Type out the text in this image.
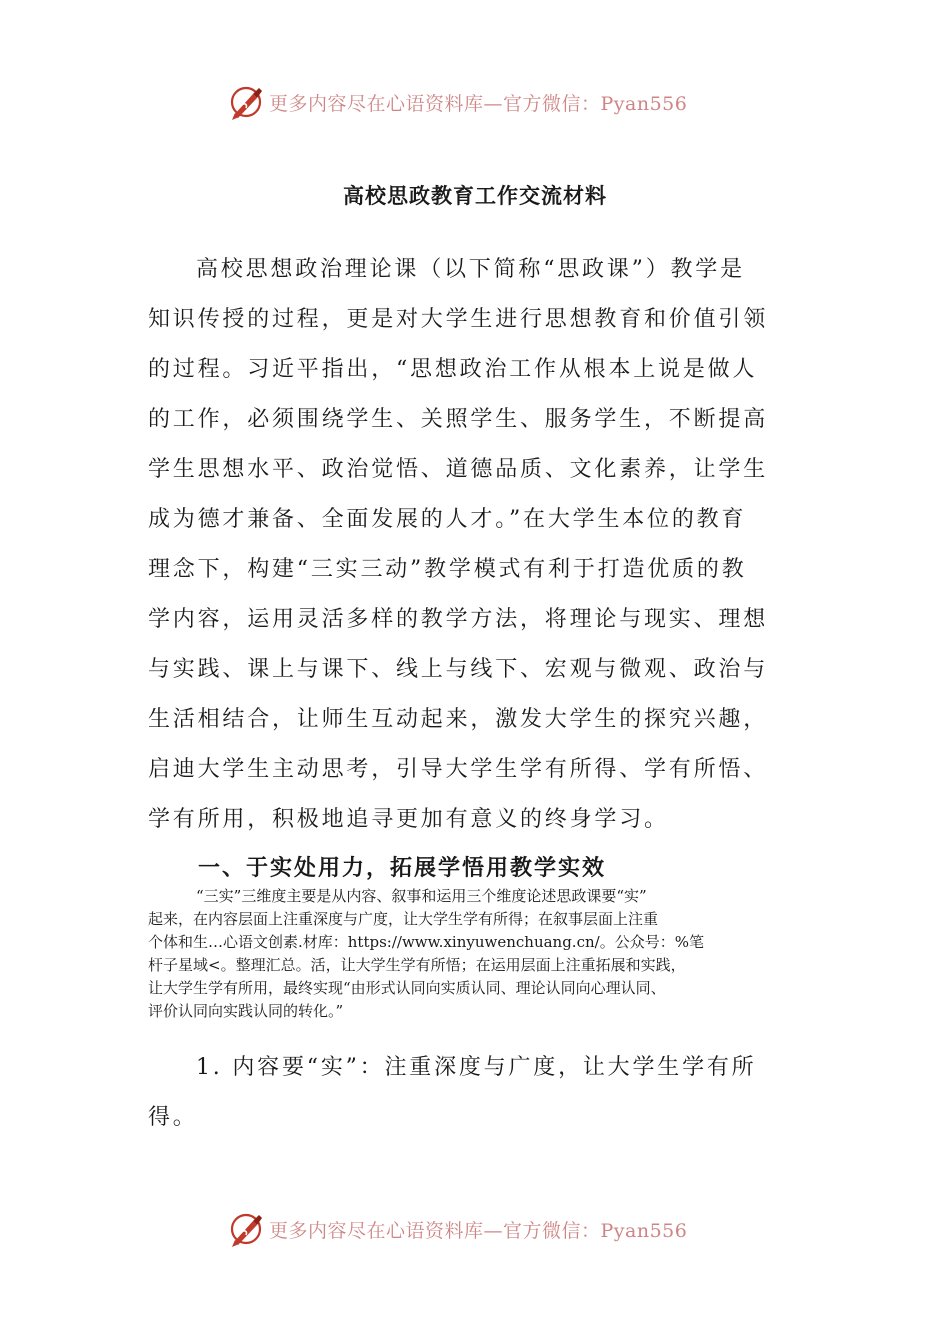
更多内容尽在心语资料库—官方微信：Pyan556
高校思政教育工作交流材料

高校思想政治理论课（以下简称“思政课”）教学是
知识传授的过程，更是对大学生进行思想教育和价值引领
的过程。习近平指出，“思想政治工作从根本上说是做人
的工作，必须围绕学生、关照学生、服务学生，不断提高
学生思想水平、政治觉悟、道德品质、文化素养，让学生
成为德才兼备、全面发展的人才。”在大学生本位的教育
理念下，构建“三实三动”教学模式有利于打造优质的教
学内容，运用灵活多样的教学方法，将理论与现实、理想
与实践、课上与课下、线上与线下、宏观与微观、政治与
生活相结合，让师生互动起来，激发大学生的探究兴趣，
启迪大学生主动思考，引导大学生学有所得、学有所悟、
学有所用，积极地追寻更加有意义的终身学习。

一、于实处用力，拓展学悟用教学实效

“三实”三维度主要是从内容、叙事和运用三个维度论述思政课要“实”
起来，在内容层面上注重深度与广度，让大学生学有所得；在叙事层面上注重
个体和生…心语文创素.材库：https://www.xinyuwenchuang.cn/。公众号：%笔
杆子星域<。整理汇总。活，让大学生学有所悟；在运用层面上注重拓展和实践，
让大学生学有所用，最终实现“由形式认同向实质认同、理论认同向心理认同、
评价认同向实践认同的转化。”

1. 内容要“实”：注重深度与广度，让大学生学有所
得。

更多内容尽在心语资料库—官方微信：Pyan556
